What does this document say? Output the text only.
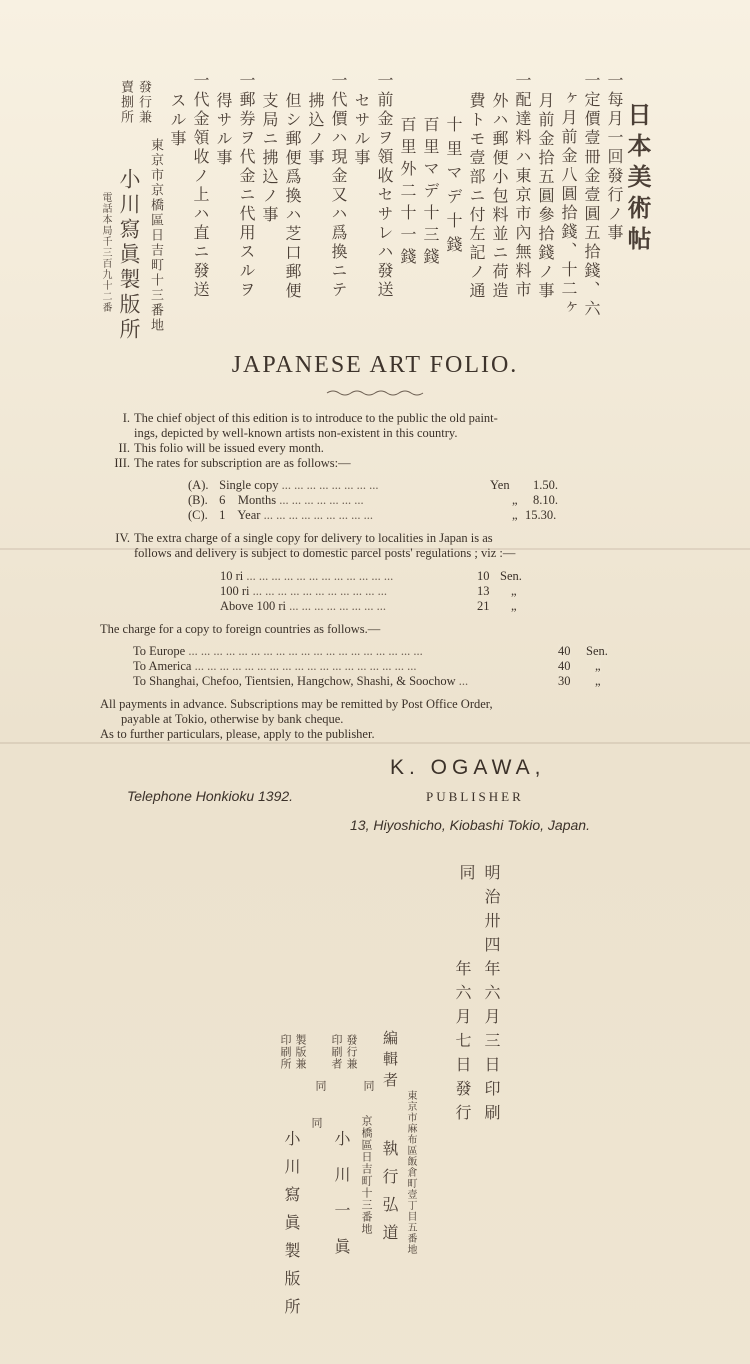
日本美術帖
一每月一回發行ノ事
一定價壹冊金壹圓五拾錢、六
ヶ月前金八圓拾錢、十二ヶ
月前金拾五圓參拾錢ノ事
一配達料ハ東京市內無料市
外ハ郵便小包料並ニ荷造
費トモ壹部ニ付左記ノ通
十里マデ十錢
百里マデ十三錢
百里外二十一錢
一前金ヲ領收セサレハ發送
セサル事
一代價ハ現金又ハ爲換ニテ
拂込ノ事
但シ郵便爲換ハ芝口郵便
支局ニ拂込ノ事
一郵券ヲ代金ニ代用スルヲ
得サル事
一代金領收ノ上ハ直ニ發送
スル事
東京市京橋區日吉町十三番地
小川寫眞製版所
發行兼
賣捌所
電話本局千三百九十二番
JAPANESE ART FOLIO.
I. The chief object of this edition is to introduce to the public the old paint-
ings, depicted by well-known artists non-existent in this country.
II. This folio will be issued every month.
III. The rates for subscription are as follows:—
(A). Single copy ... ... ... ... ... ... ... ...	Yen 1.50.
(B). 6    Months ... ... ... ... ... ... ...	„ 8.10.
(C). 1    Year ... ... ... ... ... ... ... ... ...	„ 15.30.
IV. The extra charge of a single copy for delivery to localities in Japan is as
follows and delivery is subject to domestic parcel posts' regulations ; viz :—
10 ri ... ... ... ... ... ... ... ... ... ... ... ...	10 Sen.
100 ri ... ... ... ... ... ... ... ... ... ... ...	13 „
Above 100 ri ... ... ... ... ... ... ... ...	21 „
The charge for a copy to foreign countries as follows.—
To Europe ... ... ... ... ... ... ... ... ... ... ... ... ... ... ... ... ... ... ...	40 Sen.
To America ... ... ... ... ... ... ... ... ... ... ... ... ... ... ... ... ... ...	40 „
To Shanghai, Chefoo, Tientsien, Hangchow, Shashi, & Soochow ...	30 „
All payments in advance. Subscriptions may be remitted by Post Office Order,
payable at Tokio, otherwise by bank cheque.
As to further particulars, please, apply to the publisher.
K. OGAWA,
PUBLISHER
Telephone Honkioku 1392.
13, Hiyoshicho, Kiobashi Tokio, Japan.
明治卅四年六月三日印刷
同
年六月七日發行
東京市麻布區飯倉町壹丁目五番地
編輯者
執行弘道
發行兼
印刷者
同
京橋區日吉町十三番地
小川一眞
製版兼
印刷所
同
同
小川寫眞製版所
